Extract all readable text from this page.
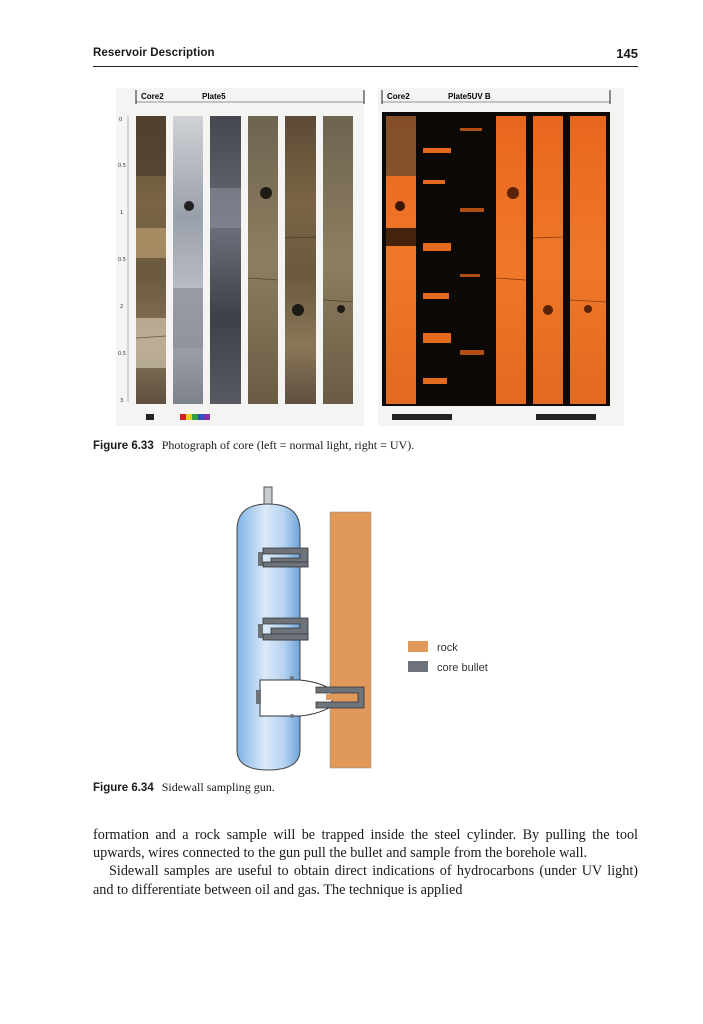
Reservoir Description	145
Core2	Plate5
0
0.5
1
0.5
2
0.5
3
Core2	Plate5UV B
Figure 6.33 Photograph of core (left = normal light, right = UV).
rock
core bullet
Figure 6.34 Sidewall sampling gun.

formation and a rock sample will be trapped inside the steel cylinder. By pulling the tool upwards, wires connected to the gun pull the bullet and sample from the borehole wall.

Sidewall samples are useful to obtain direct indications of hydrocarbons (under UV light) and to differentiate between oil and gas. The technique is applied
